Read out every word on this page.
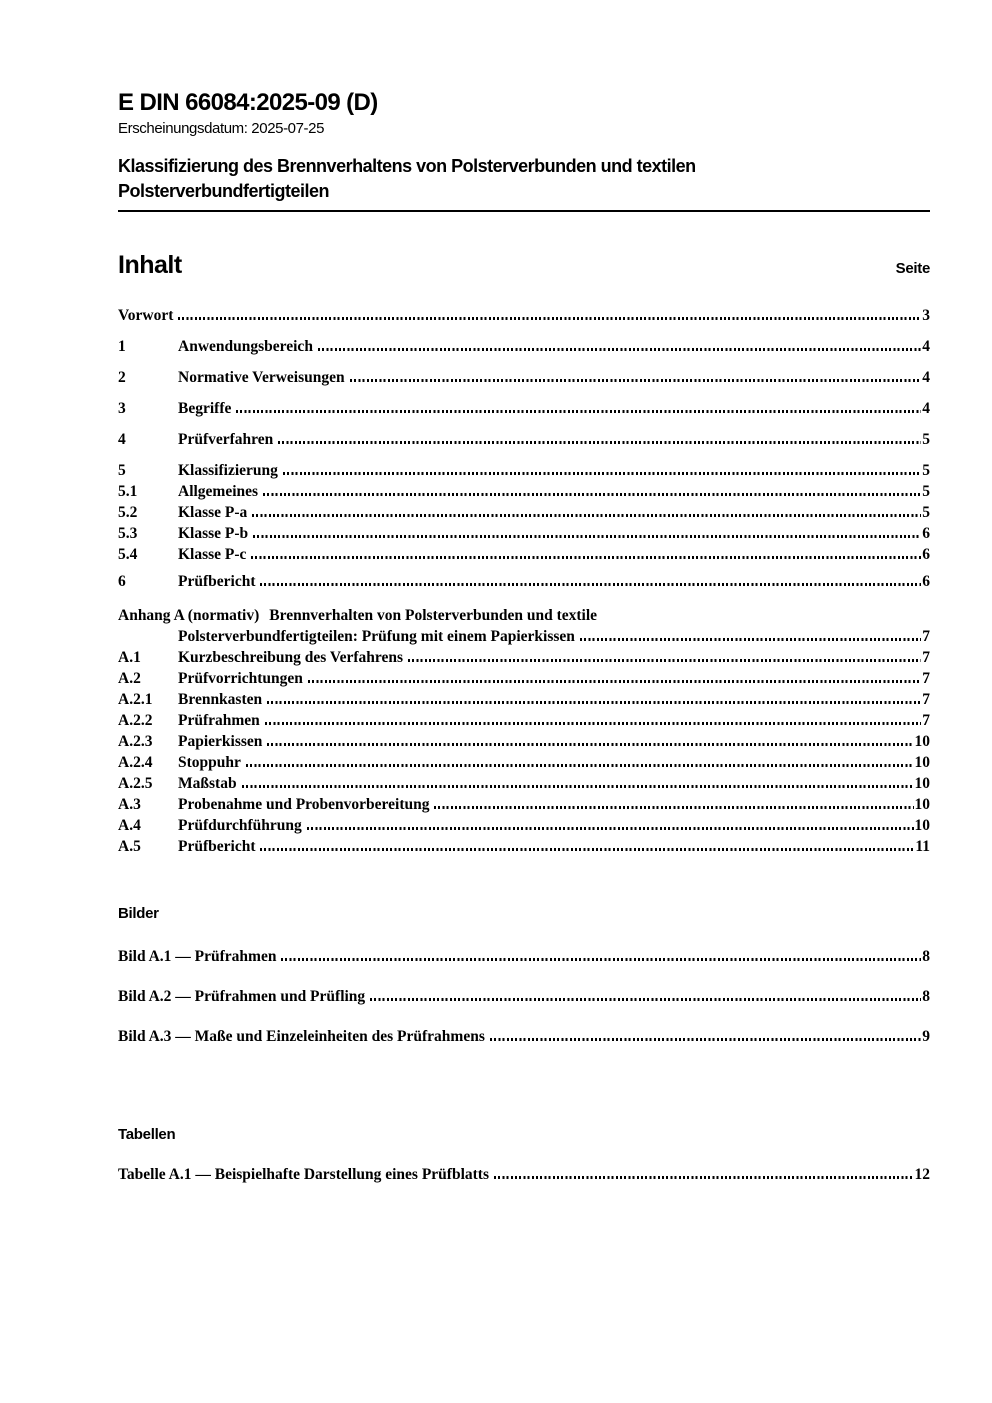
E DIN 66084:2025-09 (D)
Erscheinungsdatum: 2025-07-25
Klassifizierung des Brennverhaltens von Polsterverbunden und textilen
Polsterverbundfertigteilen
Inhalt	Seite
Vorwort	3
1	Anwendungsbereich	4
2	Normative Verweisungen	4
3	Begriffe	4
4	Prüfverfahren	5
5	Klassifizierung	5
5.1	Allgemeines	5
5.2	Klasse P-a	5
5.3	Klasse P-b	6
5.4	Klasse P-c	6
6	Prüfbericht	6
Anhang A (normativ) Brennverhalten von Polsterverbunden und textile
Polsterverbundfertigteilen: Prüfung mit einem Papierkissen	7
A.1	Kurzbeschreibung des Verfahrens	7
A.2	Prüfvorrichtungen	7
A.2.1	Brennkasten	7
A.2.2	Prüfrahmen	7
A.2.3	Papierkissen	10
A.2.4	Stoppuhr	10
A.2.5	Maßstab	10
A.3	Probenahme und Probenvorbereitung	10
A.4	Prüfdurchführung	10
A.5	Prüfbericht	11
Bilder
Bild A.1 — Prüfrahmen	8
Bild A.2 — Prüfrahmen und Prüfling	8
Bild A.3 — Maße und Einzeleinheiten des Prüfrahmens	9
Tabellen
Tabelle A.1 — Beispielhafte Darstellung eines Prüfblatts	12
